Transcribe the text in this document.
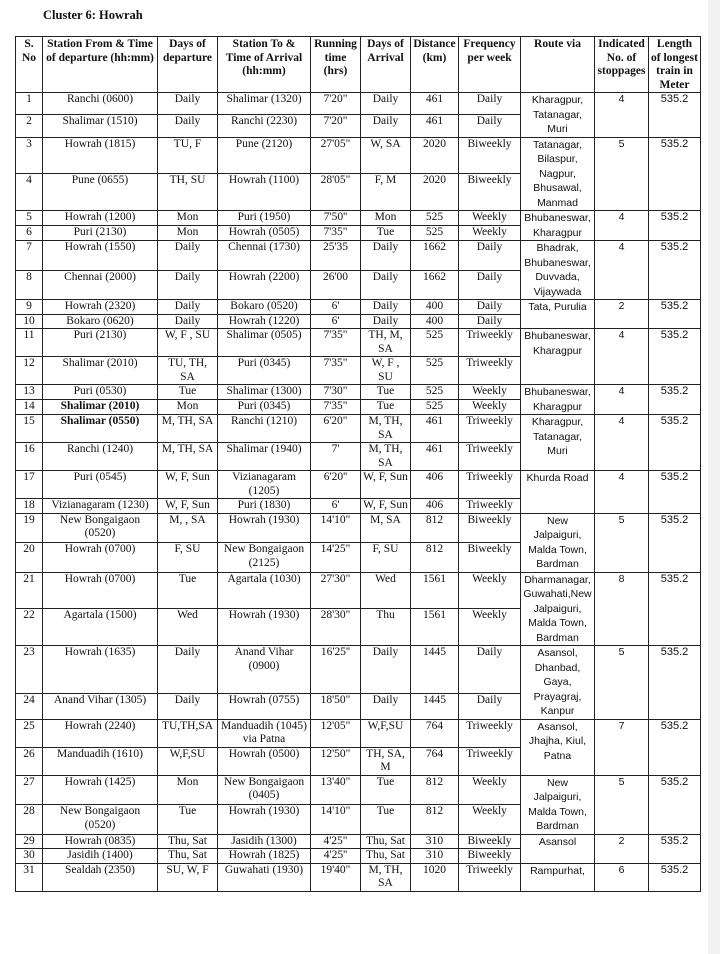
Cluster 6: Howrah
S. No	Station From & Time of departure (hh:mm)	Days of departure	Station To & Time of Arrival (hh:mm)	Running time (hrs)	Days of Arrival	Distance (km)	Frequency per week	Route via	Indicated No. of stoppages	Length of longest train in Meter
1	Ranchi (0600)	Daily	Shalimar (1320)	7'20"	Daily	461	Daily	Kharagpur, Tatanagar, Muri	4	535.2
2	Shalimar (1510)	Daily	Ranchi (2230)	7'20"	Daily	461	Daily			
3	Howrah (1815)	TU, F	Pune (2120)	27'05"	W, SA	2020	Biweekly	Tatanagar, Bilaspur, Nagpur, Bhusawal, Manmad	5	535.2
4	Pune (0655)	TH, SU	Howrah (1100)	28'05"	F, M	2020	Biweekly			
5	Howrah (1200)	Mon	Puri (1950)	7'50''	Mon	525	Weekly	Bhubaneswar, Kharagpur	4	535.2
6	Puri (2130)	Mon	Howrah (0505)	7'35"	Tue	525	Weekly			
7	Howrah (1550)	Daily	Chennai (1730)	25'35	Daily	1662	Daily	Bhadrak, Bhubaneswar, Duvvada, Vijaywada	4	535.2
8	Chennai (2000)	Daily	Howrah (2200)	26'00	Daily	1662	Daily			
9	Howrah (2320)	Daily	Bokaro (0520)	6'	Daily	400	Daily	Tata, Purulia	2	535.2
10	Bokaro (0620)	Daily	Howrah (1220)	6'	Daily	400	Daily			
11	Puri (2130)	W, F , SU	Shalimar (0505)	7'35"	TH, M, SA	525	Triweekly	Bhubaneswar, Kharagpur	4	535.2
12	Shalimar (2010)	TU, TH, SA	Puri (0345)	7'35"	W, F , SU	525	Triweekly			
13	Puri (0530)	Tue	Shalimar (1300)	7'30"	Tue	525	Weekly	Bhubaneswar, Kharagpur	4	535.2
14	Shalimar (2010)	Mon	Puri (0345)	7'35"	Tue	525	Weekly			
15	Shalimar (0550)	M, TH, SA	Ranchi (1210)	6'20"	M, TH, SA	461	Triweekly	Kharagpur, Tatanagar, Muri	4	535.2
16	Ranchi (1240)	M, TH, SA	Shalimar (1940)	7'	M, TH, SA	461	Triweekly			
17	Puri (0545)	W, F, Sun	Vizianagaram (1205)	6'20''	W, F, Sun	406	Triweekly	Khurda Road	4	535.2
18	Vizianagaram (1230)	W, F, Sun	Puri (1830)	6'	W, F, Sun	406	Triweekly			
19	New Bongaigaon (0520)	M, , SA	Howrah (1930)	14'10"	M, SA	812	Biweekly	New Jalpaiguri, Malda Town, Bardman	5	535.2
20	Howrah (0700)	F, SU	New Bongaigaon (2125)	14'25"	F, SU	812	Biweekly			
21	Howrah (0700)	Tue	Agartala (1030)	27'30"	Wed	1561	Weekly	Dharmanagar, Guwahati,New Jalpaiguri, Malda Town, Bardman	8	535.2
22	Agartala (1500)	Wed	Howrah (1930)	28'30"	Thu	1561	Weekly			
23	Howrah (1635)	Daily	Anand Vihar (0900)	16'25''	Daily	1445	Daily	Asansol, Dhanbad, Gaya, Prayagraj, Kanpur	5	535.2
24	Anand Vihar (1305)	Daily	Howrah (0755)	18'50"	Daily	1445	Daily			
25	Howrah (2240)	TU,TH,SA	Manduadih (1045) via Patna	12'05"	W,F,SU	764	Triweekly	Asansol, Jhajha, Kiul, Patna	7	535.2
26	Manduadih (1610)	W,F,SU	Howrah (0500)	12'50"	TH, SA, M	764	Triweekly			
27	Howrah (1425)	Mon	New Bongaigaon (0405)	13'40"	Tue	812	Weekly	New Jalpaiguri, Malda Town, Bardman	5	535.2
28	New Bongaigaon (0520)	Tue	Howrah (1930)	14'10"	Tue	812	Weekly			
29	Howrah (0835)	Thu, Sat	Jasidih (1300)	4'25"	Thu, Sat	310	Biweekly	Asansol	2	535.2
30	Jasidih (1400)	Thu, Sat	Howrah (1825)	4'25''	Thu, Sat	310	Biweekly			
31	Sealdah (2350)	SU, W, F	Guwahati (1930)	19'40"	M, TH, SA	1020	Triweekly	Rampurhat,	6	535.2
